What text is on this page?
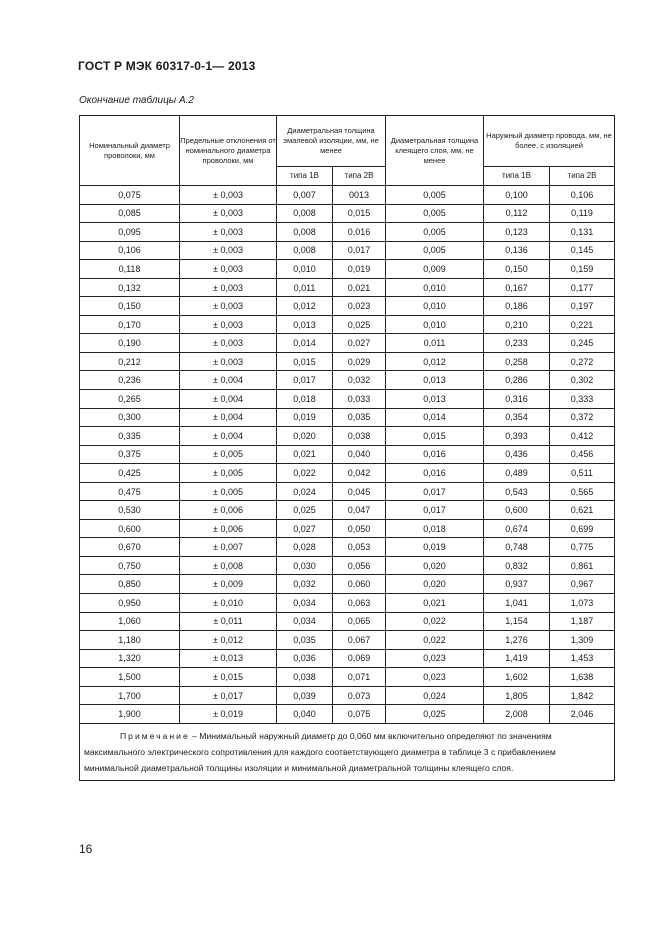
ГОСТ Р МЭК 60317-0-1— 2013
Окончание таблицы А.2
Номинальный диаметр проволоки, мм	Предельные отклонения от номинального диаметра проволоки, мм	Диаметральная толщина эмалевой изоляции, мм, не менее		Диаметральная толщина клеящего слоя, мм, не менее	Наружный диаметр провода, мм, не более, с изоляцией	
		типа 1В	типа 2В		типа 1В	типа 2В
0,075	± 0,003	0,007	0013	0,005	0,100	0,106
0,085	± 0,003	0,008	0,015	0,005	0,112	0,119
0,095	± 0,003	0,008	0,016	0,005	0,123	0,131
0,106	± 0,003	0,008	0,017	0,005	0,136	0,145
0,118	± 0,003	0,010	0,019	0,009	0,150	0,159
0,132	± 0,003	0,011	0,021	0,010	0,167	0,177
0,150	± 0,003	0,012	0,023	0,010	0,186	0,197
0,170	± 0,003	0,013	0,025	0,010	0,210	0,221
0,190	± 0,003	0,014	0,027	0,011	0,233	0,245
0,212	± 0,003	0,015	0,029	0,012	0,258	0,272
0,236	± 0,004	0,017	0,032	0,013	0,286	0,302
0,265	± 0,004	0,018	0,033	0,013	0,316	0,333
0,300	± 0,004	0,019	0,035	0,014	0,354	0,372
0,335	± 0,004	0,020	0,038	0,015	0,393	0,412
0,375	± 0,005	0,021	0,040	0,016	0,436	0,456
0,425	± 0,005	0,022	0,042	0,016	0,489	0,511
0,475	± 0,005	0,024	0,045	0,017	0,543	0,565
0,530	± 0,006	0,025	0,047	0,017	0,600	0,621
0,600	± 0,006	0,027	0,050	0,018	0,674	0,699
0,670	± 0,007	0,028	0,053	0,019	0,748	0,775
0,750	± 0,008	0,030	0,056	0,020	0,832	0,861
0,850	± 0,009	0,032	0,060	0,020	0,937	0,967
0,950	± 0,010	0,034	0,063	0,021	1,041	1,073
1,060	± 0,011	0,034	0,065	0,022	1,154	1,187
1,180	± 0,012	0,035	0,067	0,022	1,276	1,309
1,320	± 0,013	0,036	0,069	0,023	1,419	1,453
1,500	± 0,015	0,038	0,071	0,023	1,602	1,638
1,700	± 0,017	0,039	0,073	0,024	1,805	1,842
1,900	± 0,019	0,040	0,075	0,025	2,008	2,046
Примечание – Минимальный наружный диаметр до 0,060 мм включительно определяют по значениям максимального электрического сопротивления для каждого соответствующего диаметра в таблице 3 с прибавлением минимальной диаметральной толщины изоляции и минимальной диаметральной толщины клеящего слоя.						
16
